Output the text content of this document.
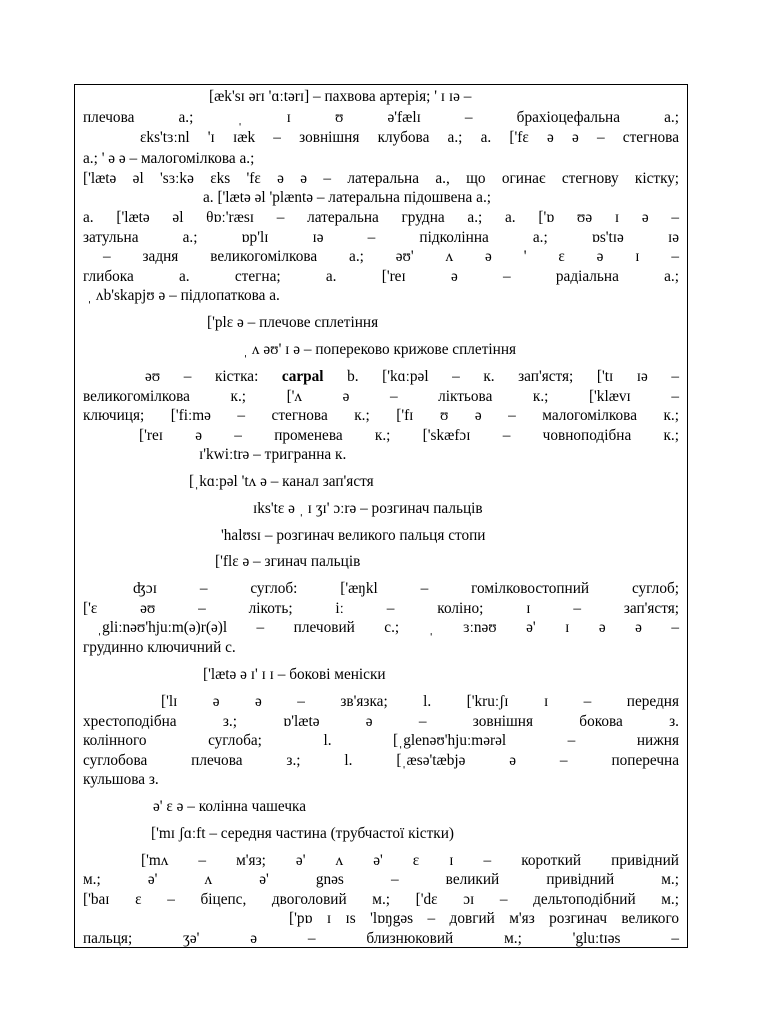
[æk'sɪ ərɪ 'ɑːtərɪ] – пахвова артерія; ' ɪ ɪə –
плечова а.; ˌ ɪ ʊ ə'fælɪ – брахіоцефальна а.;
ɛks'tɜːnl 'ɪ ɪæk – зовнішня клубова а.; а. ['fɛ ə ə – стегнова
а.; ' ə ə – малогомілкова а.;
['lætə əl 'sɜːkə ɛks 'fɛ ə ə – латеральна а., що огинає стегнову кістку;
а. ['lætə əl 'plæntə – латеральна підошвена а.;
а. ['lætə əl θɒː'ræsɪ – латеральна грудна а.; а. ['ɒ ʊə ɪ ə –
затульна а.; ɒp'lɪ ɪə – підколінна а.; ɒs'tɪə ɪə
– задня великогомілкова а.; əʊ' ʌ ə ' ɛ ə ɪ –
глибока а. стегна; а. ['reɪ ə – радіальна а.;
ˌ ʌb'skapjʊ ə – підлопаткова а.
['plɛ ə – плечове сплетіння
ˌ ʌ əʊ' ɪ ə – попереково крижове сплетіння
əʊ – кістка: carpal b. ['kɑːpəl – к. зап'ястя; ['tɪ ɪə –
великогомілкова к.; ['ʌ ə – ліктьова к.; ['klævɪ –
ключиця; ['fiːmə – стегнова к.; ['fɪ ʊ ə – малогомілкова к.;
['reɪ ə – променева к.; ['skæfɔɪ – човноподібна к.;
ɪ'kwiːtrə – тригранна к.
[ˌkɑːpəl 'tʌ ə – канал зап'ястя
ɪks'tɛ ə ˌ ɪ ʒɪ' ɔːrə – розгинач пальців
'halʊsɪ – розгинач великого пальця стопи
['flɛ ə – згинач пальців
ʤɔɪ – суглоб: ['æŋkl – гомілковостопний суглоб;
['ɛ əʊ – лікоть; iː – коліно; ɪ – зап'ястя;
ˌgliːnəʊ'hjuːm(ə)r(ə)l – плечовий с.; ˌ ɜːnəʊ ə' ɪ ə ə –
грудинно ключичний с.
['lætə ə ɪ' ɪ ɪ – бокові меніски
['lɪ ə ə – зв'язка; l. ['kruːʃɪ ɪ – передня
хрестоподібна з.; ɒ'lætə ə – зовнішня бокова з.
колінного суглоба; l. [ˌglenəʊ'hjuːmərəl – нижня
суглобова плечова з.; l. [ˌæsə'tæbjə ə – поперечна
кульшова з.
ə' ɛ ə – колінна чашечка
['mɪ ʃɑːft – середня частина (трубчастої кістки)
['mʌ – м'яз; ə' ʌ ə' ɛ ɪ – короткий привідний
м.; ə' ʌ ə' gnəs – великий привідний м.;
['baɪ ɛ – біцепс, двоголовий м.; ['dɛ ɔɪ – дельтоподібний м.;
['pɒ ɪ ɪs 'lɒŋgəs – довгий м'яз розгинач великого
пальця; ʒə' ə – близнюковий м.; 'gluːtɪəs –
